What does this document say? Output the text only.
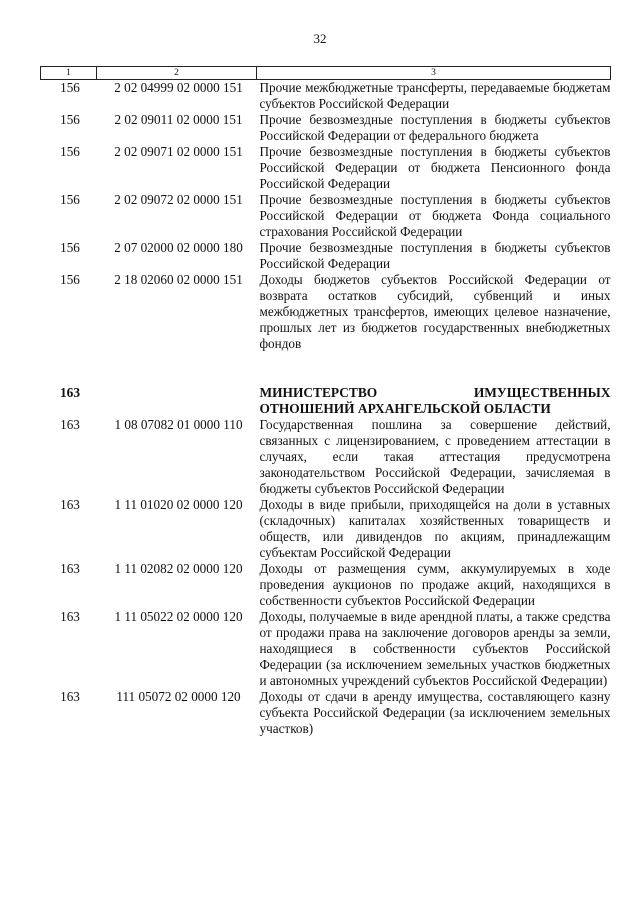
32
1	2	3
156	2 02 04999 02 0000 151	Прочие межбюджетные трансферты, передаваемые бюджетам субъектов Российской Федерации
156	2 02 09011 02 0000 151	Прочие безвозмездные поступления в бюджеты субъектов Российской Федерации от федерального бюджета
156	2 02 09071 02 0000 151	Прочие безвозмездные поступления в бюджеты субъектов Российской Федерации от бюджета Пенсионного фонда Российской Федерации
156	2 02 09072 02 0000 151	Прочие безвозмездные поступления в бюджеты субъектов Российской Федерации от бюджета Фонда социального страхования Российской Федерации
156	2 07 02000 02 0000 180	Прочие безвозмездные поступления в бюджеты субъектов Российской Федерации
156	2 18 02060 02 0000 151	Доходы бюджетов субъектов Российской Федерации от возврата остатков субсидий, субвенций и иных межбюджетных трансфертов, имеющих целевое назначение, прошлых лет из бюджетов государственных внебюджетных фондов

163		МИНИСТЕРСТВО ИМУЩЕСТВЕННЫХ ОТНОШЕНИЙ АРХАНГЕЛЬСКОЙ ОБЛАСТИ
163	1 08 07082 01 0000 110	Государственная пошлина за совершение действий, связанных с лицензированием, с проведением аттестации в случаях, если такая аттестация предусмотрена законодательством Российской Федерации, зачисляемая в бюджеты субъектов Российской Федерации
163	1 11 01020 02 0000 120	Доходы в виде прибыли, приходящейся на доли в уставных (складочных) капиталах хозяйственных товариществ и обществ, или дивидендов по акциям, принадлежащим субъектам Российской Федерации
163	1 11 02082 02 0000 120	Доходы от размещения сумм, аккумулируемых в ходе проведения аукционов по продаже акций, находящихся в собственности субъектов Российской Федерации
163	1 11 05022 02 0000 120	Доходы, получаемые в виде арендной платы, а также средства от продажи права на заключение договоров аренды за земли, находящиеся в собственности субъектов Российской Федерации (за исключением земельных участков бюджетных и автономных учреждений субъектов Российской Федерации)
163	111 05072 02 0000 120	Доходы от сдачи в аренду имущества, составляющего казну субъекта Российской Федерации (за исключением земельных участков)
